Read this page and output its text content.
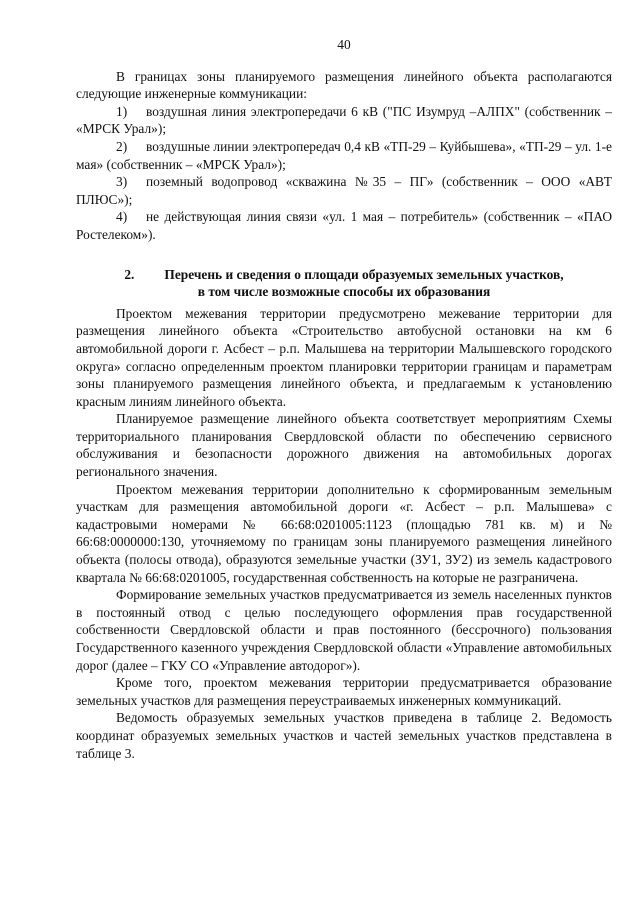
40

В границах зоны планируемого размещения линейного объекта располагаются следующие инженерные коммуникации:

1) воздушная линия электропередачи 6 кВ ("ПС Изумруд –АЛПХ" (собственник – «МРСК Урал»);

2) воздушные линии электропередач 0,4 кВ «ТП-29 – Куйбышева», «ТП-29 – ул. 1-е мая» (собственник – «МРСК Урал»);

3) поземный водопровод «скважина №35 – ПГ» (собственник – ООО «АВТ ПЛЮС»);

4) не действующая линия связи «ул. 1 мая – потребитель» (собственник – «ПАО Ростелеком»).

2. Перечень и сведения о площади образуемых земельных участков,
в том числе возможные способы их образования

Проектом межевания территории предусмотрено межевание территории для размещения линейного объекта «Строительство автобусной остановки на км 6 автомобильной дороги г. Асбест – р.п. Малышева на территории Малышевского городского округа» согласно определенным проектом планировки территории границам и параметрам зоны планируемого размещения линейного объекта, и предлагаемым к установлению красным линиям линейного объекта.

Планируемое размещение линейного объекта соответствует мероприятиям Схемы территориального планирования Свердловской области по обеспечению сервисного обслуживания и безопасности дорожного движения на автомобильных дорогах регионального значения.

Проектом межевания территории дополнительно к сформированным земельным участкам для размещения автомобильной дороги «г. Асбест – р.п. Малышева» с кадастровыми номерами № 66:68:0201005:1123 (площадью 781 кв. м) и № 66:68:0000000:130, уточняемому по границам зоны планируемого размещения линейного объекта (полосы отвода), образуются земельные участки (ЗУ1, ЗУ2) из земель кадастрового квартала № 66:68:0201005, государственная собственность на которые не разграничена.

Формирование земельных участков предусматривается из земель населенных пунктов в постоянный отвод с целью последующего оформления прав государственной собственности Свердловской области и прав постоянного (бессрочного) пользования Государственного казенного учреждения Свердловской области «Управление автомобильных дорог (далее – ГКУ СО «Управление автодорог»).

Кроме того, проектом межевания территории предусматривается образование земельных участков для размещения переустраиваемых инженерных коммуникаций.

Ведомость образуемых земельных участков приведена в таблице 2. Ведомость координат образуемых земельных участков и частей земельных участков представлена в таблице 3.
